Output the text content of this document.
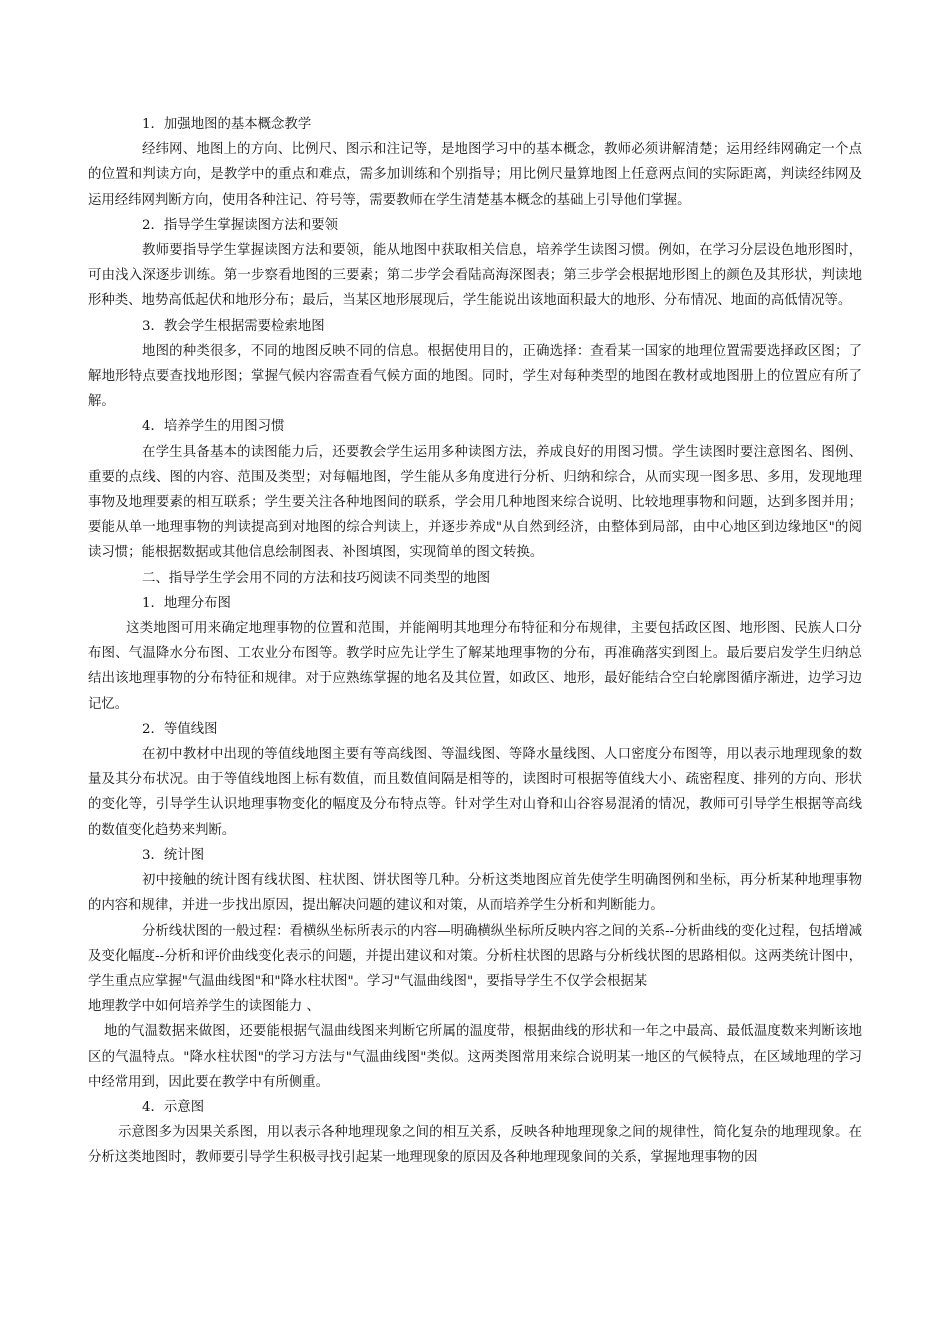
1．加强地图的基本概念教学

经纬网、地图上的方向、比例尺、图示和注记等，是地图学习中的基本概念，教师必须讲解清楚；运用经纬网确定一个点的位置和判读方向，是教学中的重点和难点，需多加训练和个别指导；用比例尺量算地图上任意两点间的实际距离，判读经纬网及运用经纬网判断方向，使用各种注记、符号等，需要教师在学生清楚基本概念的基础上引导他们掌握。

2．指导学生掌握读图方法和要领

教师要指导学生掌握读图方法和要领，能从地图中获取相关信息，培养学生读图习惯。例如，在学习分层设色地形图时，可由浅入深逐步训练。第一步察看地图的三要素；第二步学会看陆高海深图表；第三步学会根据地形图上的颜色及其形状，判读地形种类、地势高低起伏和地形分布；最后，当某区地形展现后，学生能说出该地面积最大的地形、分布情况、地面的高低情况等。

3．教会学生根据需要检索地图

地图的种类很多，不同的地图反映不同的信息。根据使用目的，正确选择：查看某一国家的地理位置需要选择政区图；了解地形特点要查找地形图；掌握气候内容需查看气候方面的地图。同时，学生对每种类型的地图在教材或地图册上的位置应有所了解。

4．培养学生的用图习惯

在学生具备基本的读图能力后，还要教会学生运用多种读图方法，养成良好的用图习惯。学生读图时要注意图名、图例、重要的点线、图的内容、范围及类型；对每幅地图，学生能从多角度进行分析、归纳和综合，从而实现一图多思、多用，发现地理事物及地理要素的相互联系；学生要关注各种地图间的联系，学会用几种地图来综合说明、比较地理事物和问题，达到多图并用；要能从单一地理事物的判读提高到对地图的综合判读上，并逐步养成"从自然到经济，由整体到局部，由中心地区到边缘地区"的阅读习惯；能根据数据或其他信息绘制图表、补图填图，实现简单的图文转换。

二、指导学生学会用不同的方法和技巧阅读不同类型的地图

1．地理分布图

这类地图可用来确定地理事物的位置和范围，并能阐明其地理分布特征和分布规律，主要包括政区图、地形图、民族人口分布图、气温降水分布图、工农业分布图等。教学时应先让学生了解某地理事物的分布，再准确落实到图上。最后要启发学生归纳总结出该地理事物的分布特征和规律。对于应熟练掌握的地名及其位置，如政区、地形，最好能结合空白轮廓图循序渐进，边学习边记忆。

2．等值线图

在初中教材中出现的等值线地图主要有等高线图、等温线图、等降水量线图、人口密度分布图等，用以表示地理现象的数量及其分布状况。由于等值线地图上标有数值，而且数值间隔是相等的，读图时可根据等值线大小、疏密程度、排列的方向、形状的变化等，引导学生认识地理事物变化的幅度及分布特点等。针对学生对山脊和山谷容易混淆的情况，教师可引导学生根据等高线的数值变化趋势来判断。

3．统计图

初中接触的统计图有线状图、柱状图、饼状图等几种。分析这类地图应首先使学生明确图例和坐标，再分析某种地理事物的内容和规律，并进一步找出原因，提出解决问题的建议和对策，从而培养学生分析和判断能力。

分析线状图的一般过程：看横纵坐标所表示的内容—明确横纵坐标所反映内容之间的关系--分析曲线的变化过程，包括增减及变化幅度--分析和评价曲线变化表示的问题，并提出建议和对策。分析柱状图的思路与分析线状图的思路相似。这两类统计图中，学生重点应掌握"气温曲线图"和"降水柱状图"。学习"气温曲线图"，要指导学生不仅学会根据某

地理教学中如何培养学生的读图能力 、

地的气温数据来做图，还要能根据气温曲线图来判断它所属的温度带，根据曲线的形状和一年之中最高、最低温度数来判断该地区的气温特点。"降水柱状图"的学习方法与"气温曲线图"类似。这两类图常用来综合说明某一地区的气候特点，在区域地理的学习中经常用到，因此要在教学中有所侧重。

4．示意图

示意图多为因果关系图，用以表示各种地理现象之间的相互关系，反映各种地理现象之间的规律性，简化复杂的地理现象。在分析这类地图时，教师要引导学生积极寻找引起某一地理现象的原因及各种地理现象间的关系，掌握地理事物的因
